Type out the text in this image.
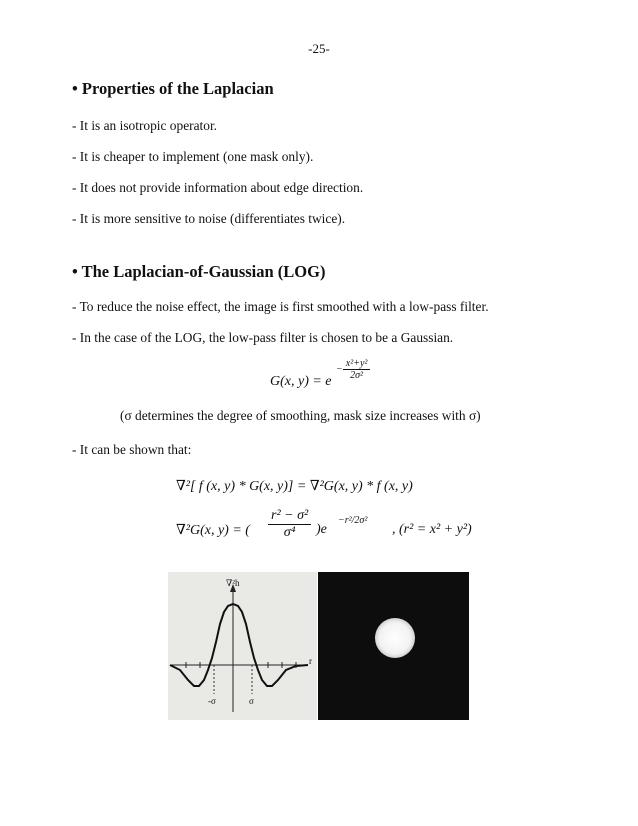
-25-
• Properties of the Laplacian
- It is an isotropic operator.
- It is cheaper to implement (one mask only).
- It does not provide information about edge direction.
- It is more sensitive to noise (differentiates twice).
• The Laplacian-of-Gaussian (LOG)
- To reduce the noise effect, the image is first smoothed with a low-pass filter.
- In the case of the LOG, the low-pass filter is chosen to be a Gaussian.
G(x, $y) = e - \frac{\text{x²+y²}}{\text{2σ²}}$
(σ determines the degree of smoothing, mask size increases with σ)
- It can be shown that:
∇²[ f (x, y) * G(x, y)] = ∇²G(x, y) * f (x, y)
∇²G(x, y) = ( $\frac{\text{r² − σ²}}{\text{σ⁴}} )e$
−r²/2σ²
, (r² = x² + y²)
∇²h
r
-σ	σ
